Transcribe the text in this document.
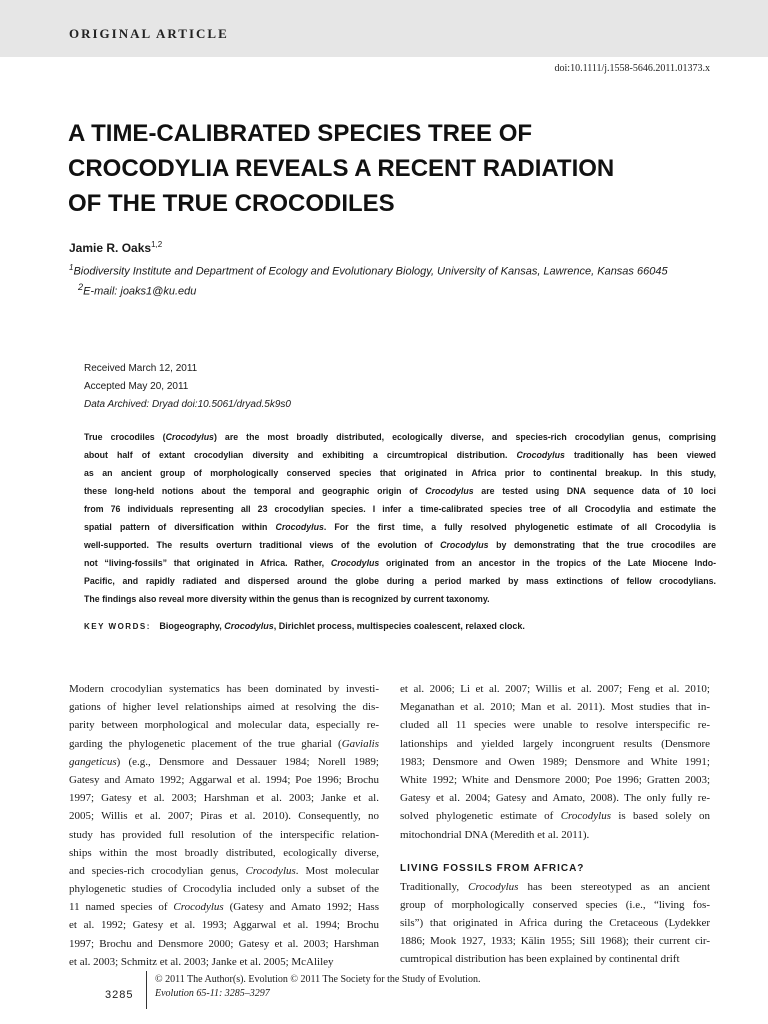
ORIGINAL ARTICLE
doi:10.1111/j.1558-5646.2011.01373.x
A TIME-CALIBRATED SPECIES TREE OF
CROCODYLIA REVEALS A RECENT RADIATION
OF THE TRUE CROCODILES
Jamie R. Oaks$^{1,2}$
$^1$Biodiversity Institute and Department of Ecology and Evolutionary Biology, University of Kansas, Lawrence, Kansas 66045
$^2$E-mail: joaks1@ku.edu
Received March 12, 2011
Accepted May 20, 2011
Data Archived: Dryad doi:10.5061/dryad.5k9s0
True crocodiles (Crocodylus) are the most broadly distributed, ecologically diverse, and species-rich crocodylian genus, comprising
about half of extant crocodylian diversity and exhibiting a circumtropical distribution. Crocodylus traditionally has been viewed
as an ancient group of morphologically conserved species that originated in Africa prior to continental breakup. In this study,
these long-held notions about the temporal and geographic origin of Crocodylus are tested using DNA sequence data of 10 loci
from 76 individuals representing all 23 crocodylian species. I infer a time-calibrated species tree of all Crocodylia and estimate the
spatial pattern of diversification within Crocodylus. For the first time, a fully resolved phylogenetic estimate of all Crocodylia is
well-supported. The results overturn traditional views of the evolution of Crocodylus by demonstrating that the true crocodiles are
not “living-fossils” that originated in Africa. Rather, Crocodylus originated from an ancestor in the tropics of the Late Miocene Indo-
Pacific, and rapidly radiated and dispersed around the globe during a period marked by mass extinctions of fellow crocodylians.
The findings also reveal more diversity within the genus than is recognized by current taxonomy.
KEY WORDS: Biogeography, Crocodylus, Dirichlet process, multispecies coalescent, relaxed clock.
Modern crocodylian systematics has been dominated by investi-
gations of higher level relationships aimed at resolving the dis-
parity between morphological and molecular data, especially re-
garding the phylogenetic placement of the true gharial (Gavialis
gangeticus) (e.g., Densmore and Dessauer 1984; Norell 1989;
Gatesy and Amato 1992; Aggarwal et al. 1994; Poe 1996; Brochu
1997; Gatesy et al. 2003; Harshman et al. 2003; Janke et al.
2005; Willis et al. 2007; Piras et al. 2010). Consequently, no
study has provided full resolution of the interspecific relation-
ships within the most broadly distributed, ecologically diverse,
and species-rich crocodylian genus, Crocodylus. Most molecular
phylogenetic studies of Crocodylia included only a subset of the
11 named species of Crocodylus (Gatesy and Amato 1992; Hass
et al. 1992; Gatesy et al. 1993; Aggarwal et al. 1994; Brochu
1997; Brochu and Densmore 2000; Gatesy et al. 2003; Harshman
et al. 2003; Schmitz et al. 2003; Janke et al. 2005; McAliley
et al. 2006; Li et al. 2007; Willis et al. 2007; Feng et al. 2010;
Meganathan et al. 2010; Man et al. 2011). Most studies that in-
cluded all 11 species were unable to resolve interspecific re-
lationships and yielded largely incongruent results (Densmore
1983; Densmore and Owen 1989; Densmore and White 1991;
White 1992; White and Densmore 2000; Poe 1996; Gratten 2003;
Gatesy et al. 2004; Gatesy and Amato, 2008). The only fully re-
solved phylogenetic estimate of Crocodylus is based solely on
mitochondrial DNA (Meredith et al. 2011).
LIVING FOSSILS FROM AFRICA?
Traditionally, Crocodylus has been stereotyped as an ancient
group of morphologically conserved species (i.e., “living fos-
sils”) that originated in Africa during the Cretaceous (Lydekker
1886; Mook 1927, 1933; Kälin 1955; Sill 1968); their current cir-
cumtropical distribution has been explained by continental drift
3285
© 2011 The Author(s). Evolution © 2011 The Society for the Study of Evolution.
Evolution 65-11: 3285–3297
